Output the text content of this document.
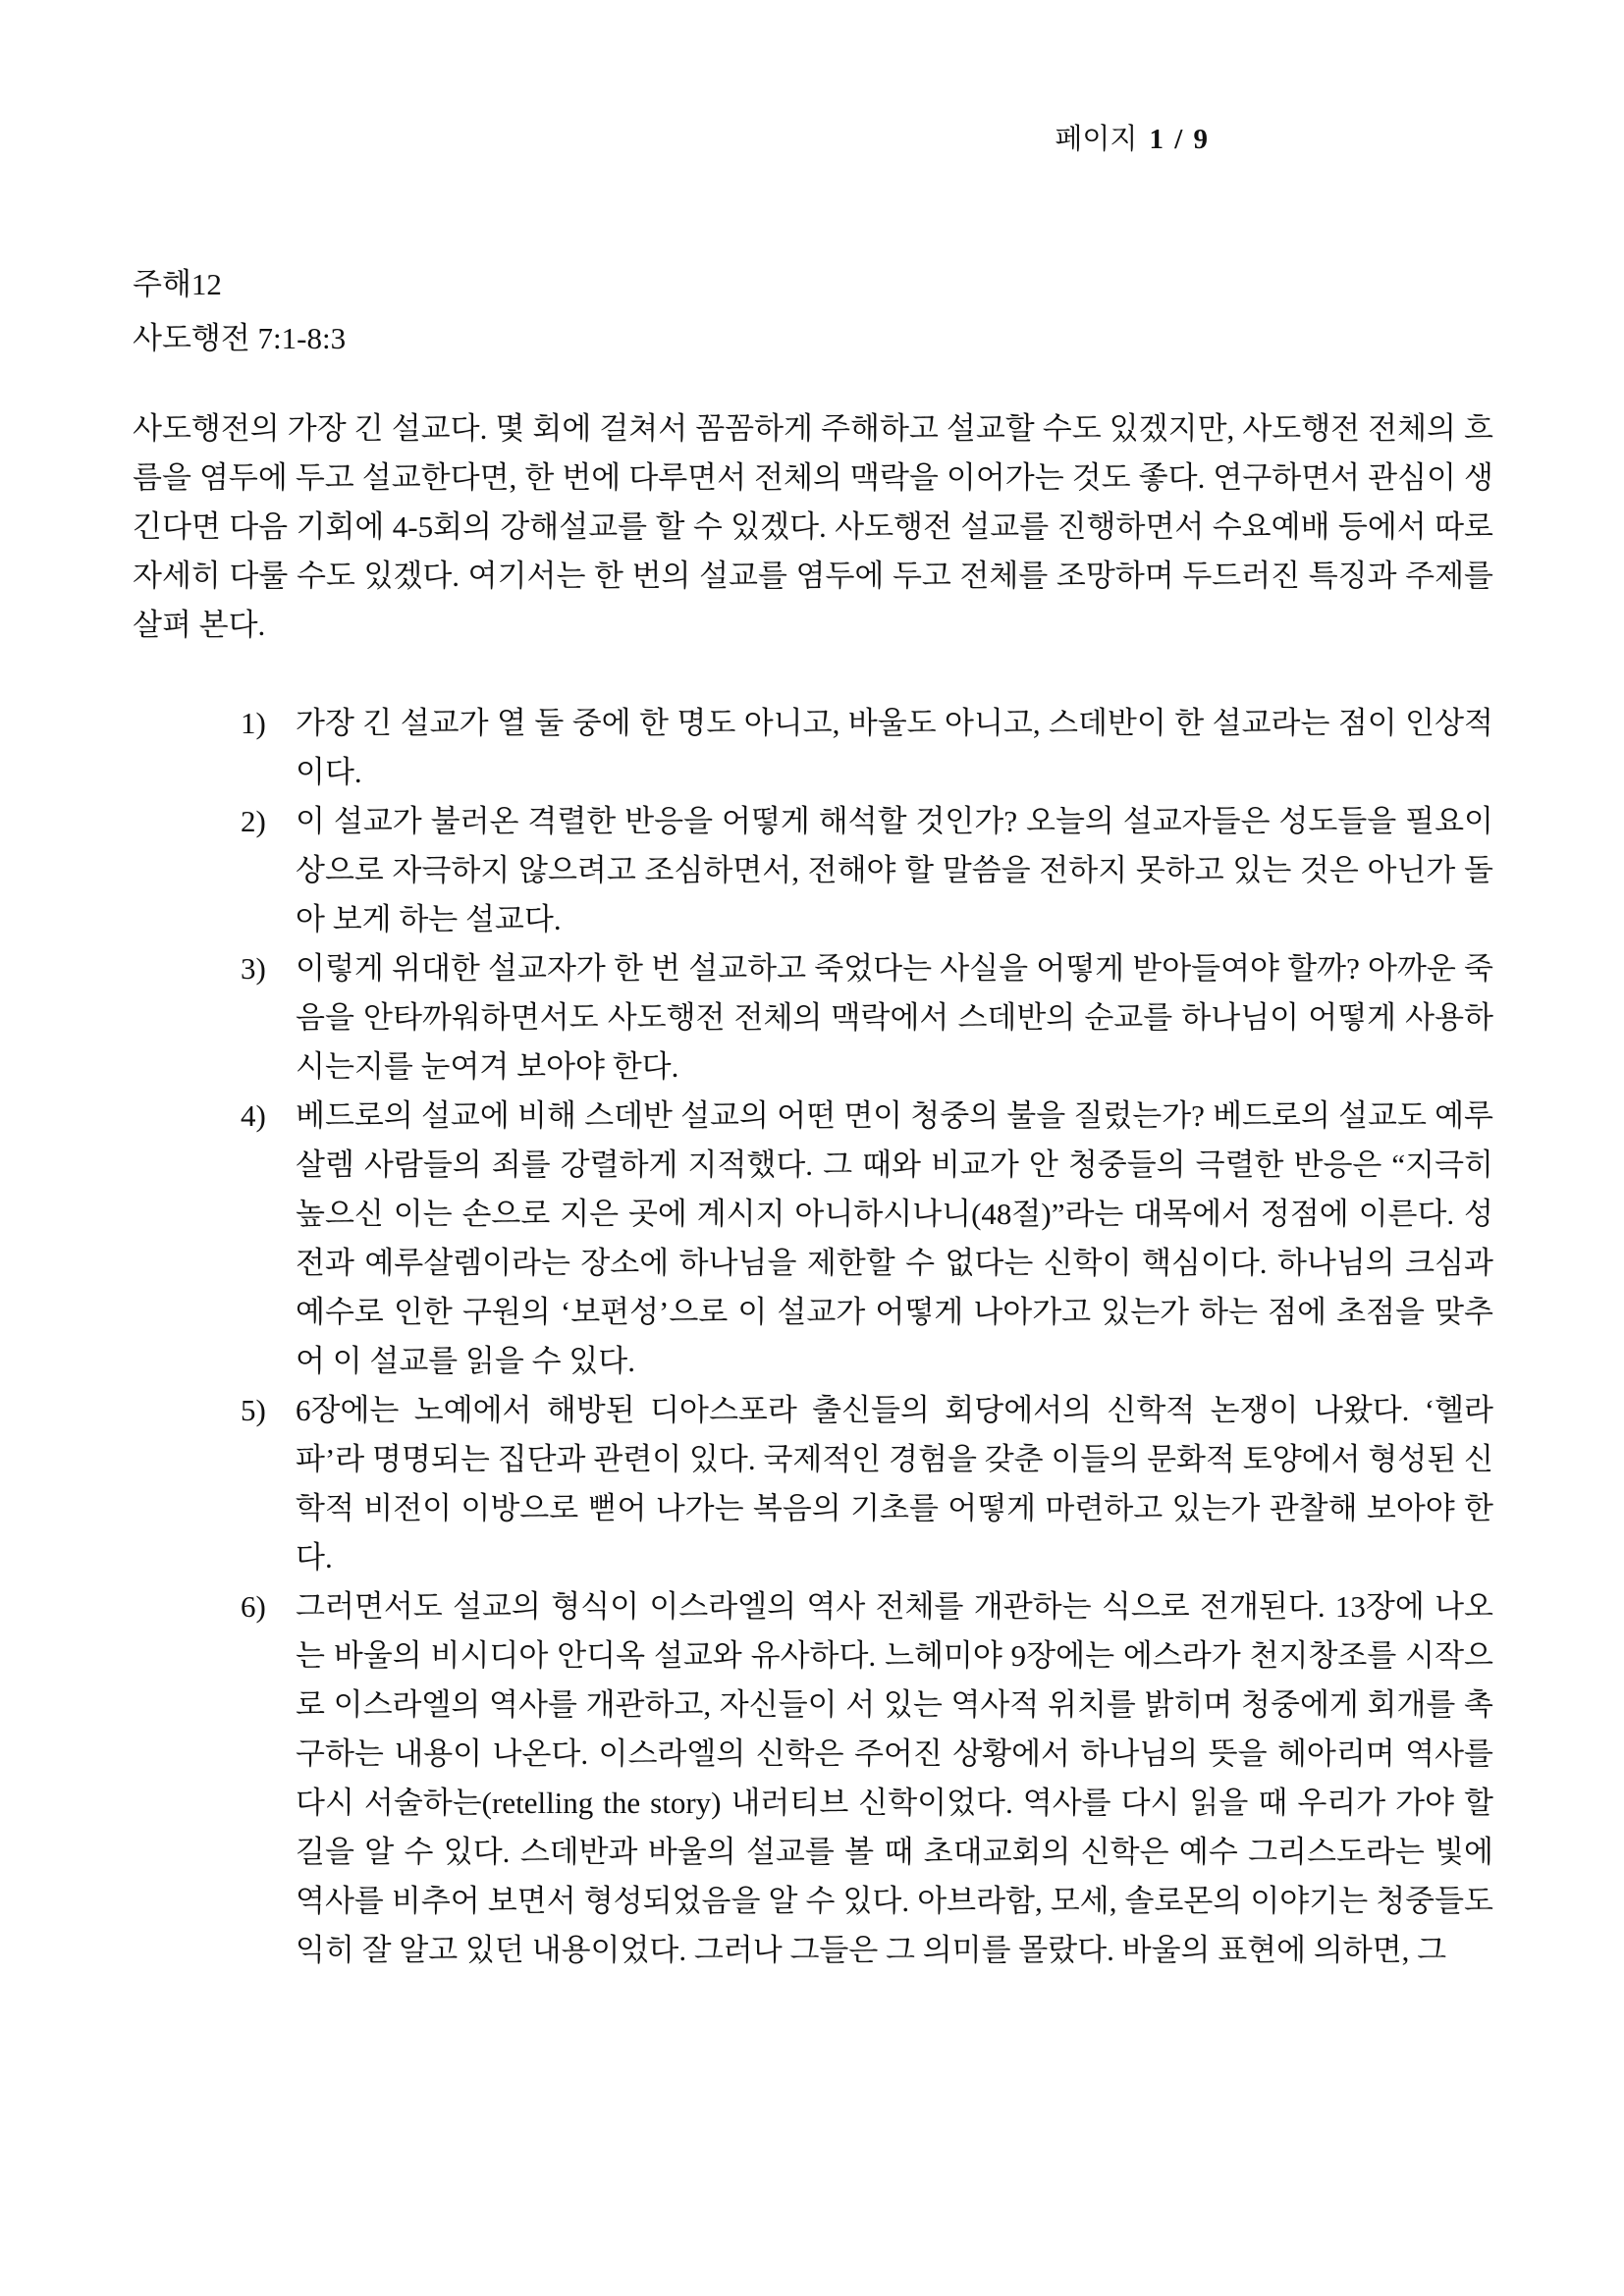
페이지 1 / 9
주해12
사도행전 7:1-8:3

사도행전의 가장 긴 설교다. 몇 회에 걸쳐서 꼼꼼하게 주해하고 설교할 수도 있겠지만, 사도행전 전체의 흐름을 염두에 두고 설교한다면, 한 번에 다루면서 전체의 맥락을 이어가는 것도 좋다. 연구하면서 관심이 생긴다면 다음 기회에 4-5회의 강해설교를 할 수 있겠다. 사도행전 설교를 진행하면서 수요예배 등에서 따로 자세히 다룰 수도 있겠다. 여기서는 한 번의 설교를 염두에 두고 전체를 조망하며 두드러진 특징과 주제를 살펴 본다.

1) 가장 긴 설교가 열 둘 중에 한 명도 아니고, 바울도 아니고, 스데반이 한 설교라는 점이 인상적이다.
2) 이 설교가 불러온 격렬한 반응을 어떻게 해석할 것인가? 오늘의 설교자들은 성도들을 필요이상으로 자극하지 않으려고 조심하면서, 전해야 할 말씀을 전하지 못하고 있는 것은 아닌가 돌아 보게 하는 설교다.
3) 이렇게 위대한 설교자가 한 번 설교하고 죽었다는 사실을 어떻게 받아들여야 할까? 아까운 죽음을 안타까워하면서도 사도행전 전체의 맥락에서 스데반의 순교를 하나님이 어떻게 사용하시는지를 눈여겨 보아야 한다.
4) 베드로의 설교에 비해 스데반 설교의 어떤 면이 청중의 불을 질렀는가? 베드로의 설교도 예루살렘 사람들의 죄를 강렬하게 지적했다. 그 때와 비교가 안 청중들의 극렬한 반응은 “지극히 높으신 이는 손으로 지은 곳에 계시지 아니하시나니(48절)”라는 대목에서 정점에 이른다. 성전과 예루살렘이라는 장소에 하나님을 제한할 수 없다는 신학이 핵심이다. 하나님의 크심과 예수로 인한 구원의 ‘보편성’으로 이 설교가 어떻게 나아가고 있는가 하는 점에 초점을 맞추어 이 설교를 읽을 수 있다.
5) 6장에는 노예에서 해방된 디아스포라 출신들의 회당에서의 신학적 논쟁이 나왔다. ‘헬라파’라 명명되는 집단과 관련이 있다. 국제적인 경험을 갖춘 이들의 문화적 토양에서 형성된 신학적 비전이 이방으로 뻗어 나가는 복음의 기초를 어떻게 마련하고 있는가 관찰해 보아야 한다.
6) 그러면서도 설교의 형식이 이스라엘의 역사 전체를 개관하는 식으로 전개된다. 13장에 나오는 바울의 비시디아 안디옥 설교와 유사하다. 느헤미야 9장에는 에스라가 천지창조를 시작으로 이스라엘의 역사를 개관하고, 자신들이 서 있는 역사적 위치를 밝히며 청중에게 회개를 촉구하는 내용이 나온다. 이스라엘의 신학은 주어진 상황에서 하나님의 뜻을 헤아리며 역사를 다시 서술하는(retelling the story) 내러티브 신학이었다. 역사를 다시 읽을 때 우리가 가야 할 길을 알 수 있다. 스데반과 바울의 설교를 볼 때 초대교회의 신학은 예수 그리스도라는 빛에 역사를 비추어 보면서 형성되었음을 알 수 있다. 아브라함, 모세, 솔로몬의 이야기는 청중들도 익히 잘 알고 있던 내용이었다. 그러나 그들은 그 의미를 몰랐다. 바울의 표현에 의하면, 그
